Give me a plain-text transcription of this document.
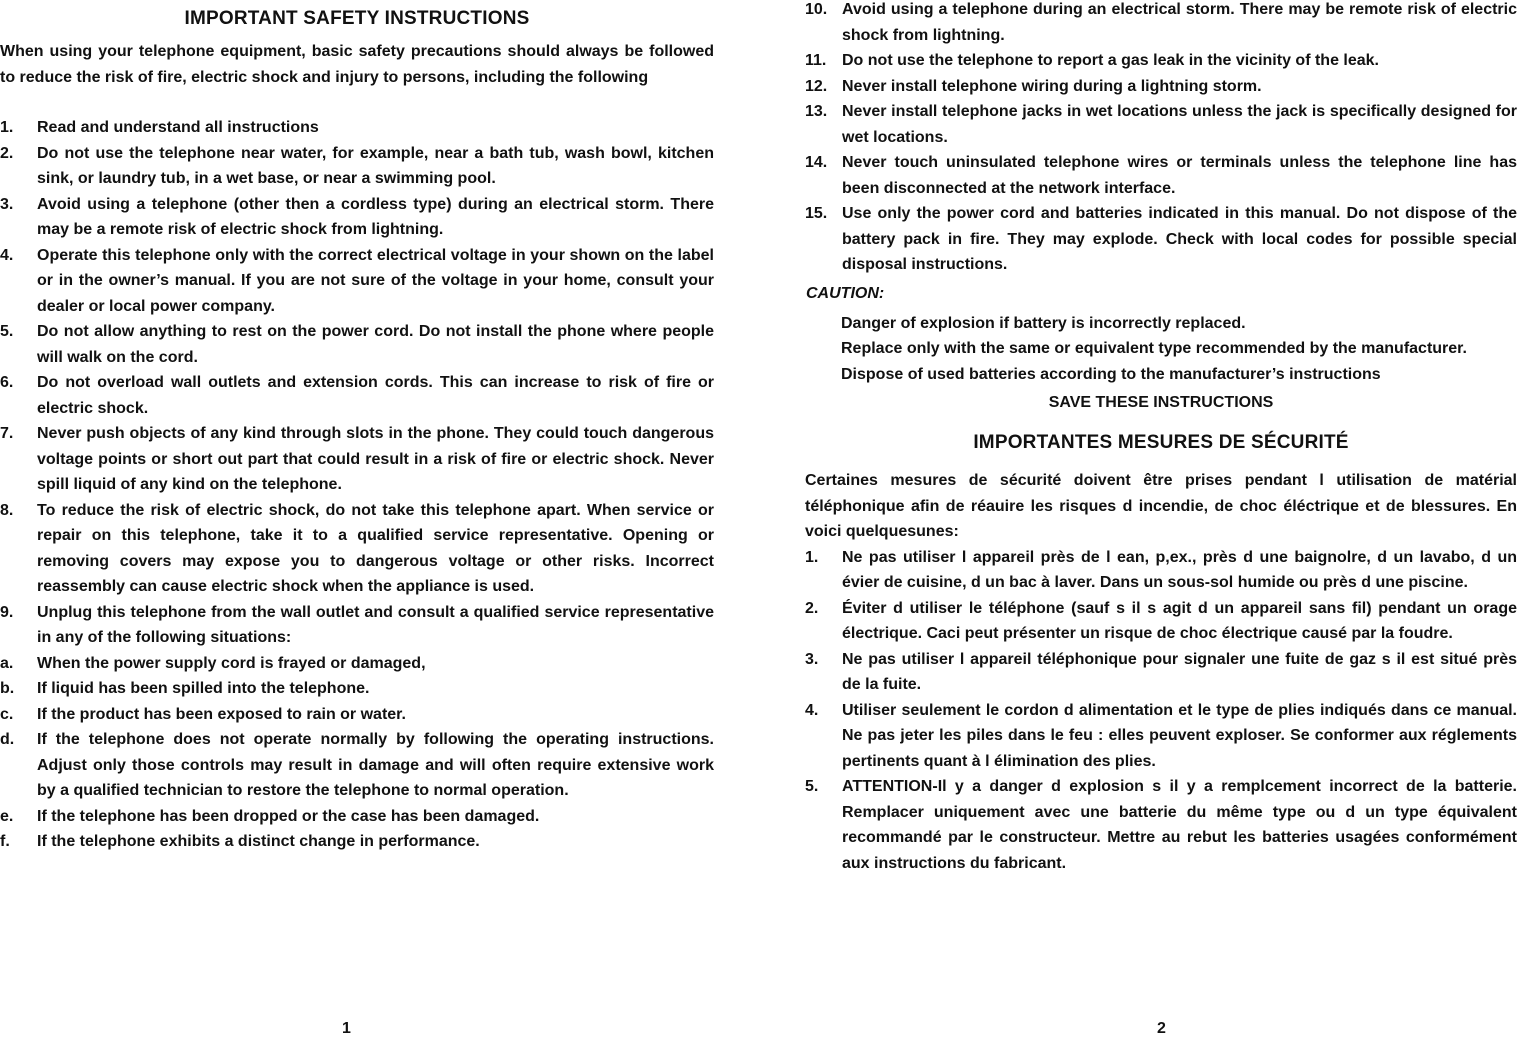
IMPORTANT SAFETY INSTRUCTIONS

When using your telephone equipment, basic safety precautions should always be followed to reduce the risk of fire, electric shock and injury to persons, including the following

1. Read and understand all instructions
2. Do not use the telephone near water, for example, near a bath tub, wash bowl, kitchen sink, or laundry tub, in a wet base, or near a swimming pool.
3. Avoid using a telephone (other then a cordless type) during an electrical storm. There may be a remote risk of electric shock from lightning.
4. Operate this telephone only with the correct electrical voltage in your shown on the label or in the owner’s manual. If you are not sure of the voltage in your home, consult your dealer or local power company.
5. Do not allow anything to rest on the power cord. Do not install the phone where people will walk on the cord.
6. Do not overload wall outlets and extension cords. This can increase to risk of fire or electric shock.
7. Never push objects of any kind through slots in the phone. They could touch dangerous voltage points or short out part that could result in a risk of fire or electric shock. Never spill liquid of any kind on the telephone.
8. To reduce the risk of electric shock, do not take this telephone apart. When service or repair on this telephone, take it to a qualified service representative. Opening or removing covers may expose you to dangerous voltage or other risks. Incorrect reassembly can cause electric shock when the appliance is used.
9. Unplug this telephone from the wall outlet and consult a qualified service representative in any of the following situations:
a. When the power supply cord is frayed or damaged,
b. If liquid has been spilled into the telephone.
c. If the product has been exposed to rain or water.
d. If the telephone does not operate normally by following the operating instructions. Adjust only those controls may result in damage and will often require extensive work by a qualified technician to restore the telephone to normal operation.
e. If the telephone has been dropped or the case has been damaged.
f. If the telephone exhibits a distinct change in performance.
1
10. Avoid using a telephone during an electrical storm. There may be remote risk of electric shock from lightning.
11. Do not use the telephone to report a gas leak in the vicinity of the leak.
12. Never install telephone wiring during a lightning storm.
13. Never install telephone jacks in wet locations unless the jack is specifically designed for wet locations.
14. Never touch uninsulated telephone wires or terminals unless the telephone line has been disconnected at the network interface.
15. Use only the power cord and batteries indicated in this manual. Do not dispose of the battery pack in fire. They may explode. Check with local codes for possible special disposal instructions.
CAUTION:
Danger of explosion if battery is incorrectly replaced.
Replace only with the same or equivalent type recommended by the manufacturer.
Dispose of used batteries according to the manufacturer’s instructions
SAVE THESE INSTRUCTIONS
IMPORTANTES MESURES DE SÉCURITÉ

Certaines mesures de sécurité doivent être prises pendant l utilisation de matérial téléphonique afin de réauire les risques d incendie, de choc éléctrique et de blessures. En voici quelquesunes:

1. Ne pas utiliser l appareil près de l ean, p,ex., près d une baignolre, d un lavabo, d un évier de cuisine, d un bac à laver. Dans un sous-sol humide ou près d une piscine.
2. Éviter d utiliser le téléphone (sauf s il s agit d un appareil sans fil) pendant un orage électrique. Caci peut présenter un risque de choc électrique causé par la foudre.
3. Ne pas utiliser l appareil téléphonique pour signaler une fuite de gaz s il est situé près de la fuite.
4. Utiliser seulement le cordon d alimentation et le type de plies indiqués dans ce manual. Ne pas jeter les piles dans le feu : elles peuvent exploser. Se conformer aux réglements pertinents quant à l élimination des plies.
5. ATTENTION-Il y a danger d explosion s il y a remplcement incorrect de la batterie. Remplacer uniquement avec une batterie du même type ou d un type équivalent recommandé par le constructeur. Mettre au rebut les batteries usagées conformément aux instructions du fabricant.
2
